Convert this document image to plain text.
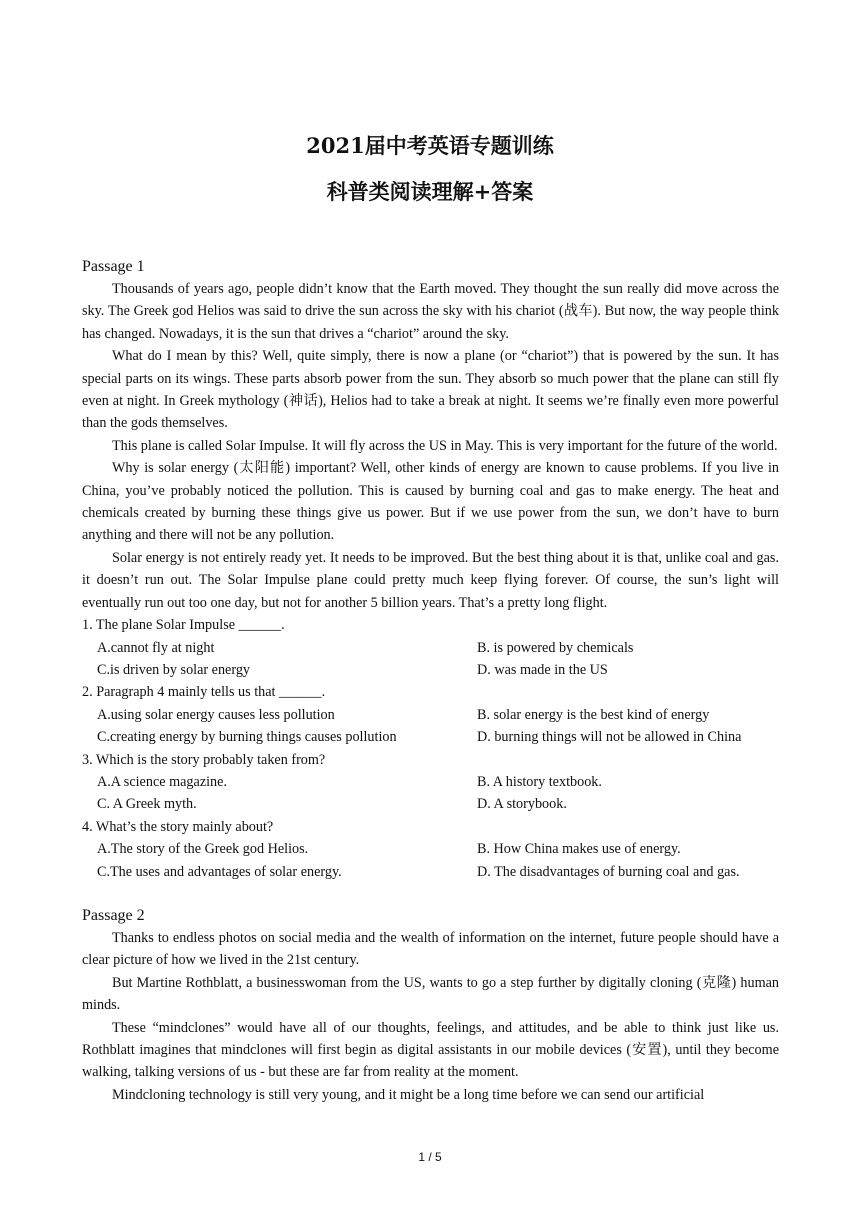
2021届中考英语专题训练
科普类阅读理解+答案

Passage 1

Thousands of years ago, people didn’t know that the Earth moved. They thought the sun really did move across the sky. The Greek god Helios was said to drive the sun across the sky with his chariot (战车). But now, the way people think has changed. Nowadays, it is the sun that drives a “chariot” around the sky.

What do I mean by this? Well, quite simply, there is now a plane (or “chariot”) that is powered by the sun. It has special parts on its wings. These parts absorb power from the sun. They absorb so much power that the plane can still fly even at night. In Greek mythology (神话), Helios had to take a break at night. It seems we’re finally even more powerful than the gods themselves.

This plane is called Solar Impulse. It will fly across the US in May. This is very important for the future of the world.

Why is solar energy (太阳能) important? Well, other kinds of energy are known to cause problems. If you live in China, you’ve probably noticed the pollution. This is caused by burning coal and gas to make energy. The heat and chemicals created by burning these things give us power. But if we use power from the sun, we don’t have to burn anything and there will not be any pollution.

Solar energy is not entirely ready yet. It needs to be improved. But the best thing about it is that, unlike coal and gas. it doesn’t run out. The Solar Impulse plane could pretty much keep flying forever. Of course, the sun’s light will eventually run out too one day, but not for another 5 billion years. That’s a pretty long flight.

1. The plane Solar Impulse ______.

A.cannot fly at night	B. is powered by chemicals
C.is driven by solar energy	D. was made in the US

2. Paragraph 4 mainly tells us that ______.

A.using solar energy causes less pollution	B. solar energy is the best kind of energy
C.creating energy by burning things causes pollution	D. burning things will not be allowed in China

3. Which is the story probably taken from?

A.A science magazine.	B. A history textbook.
C. A Greek myth.	D. A storybook.

4. What’s the story mainly about?

A.The story of the Greek god Helios.	B. How China makes use of energy.
C.The uses and advantages of solar energy.	D. The disadvantages of burning coal and gas.

Passage 2

Thanks to endless photos on social media and the wealth of information on the internet, future people should have a clear picture of how we lived in the 21st century.

But Martine Rothblatt, a businesswoman from the US, wants to go a step further by digitally cloning (克隆) human minds.

These “mindclones” would have all of our thoughts, feelings, and attitudes, and be able to think just like us. Rothblatt imagines that mindclones will first begin as digital assistants in our mobile devices (安置), until they become walking, talking versions of us - but these are far from reality at the moment.

Mindcloning technology is still very young, and it might be a long time before we can send our artificial

1 / 5
